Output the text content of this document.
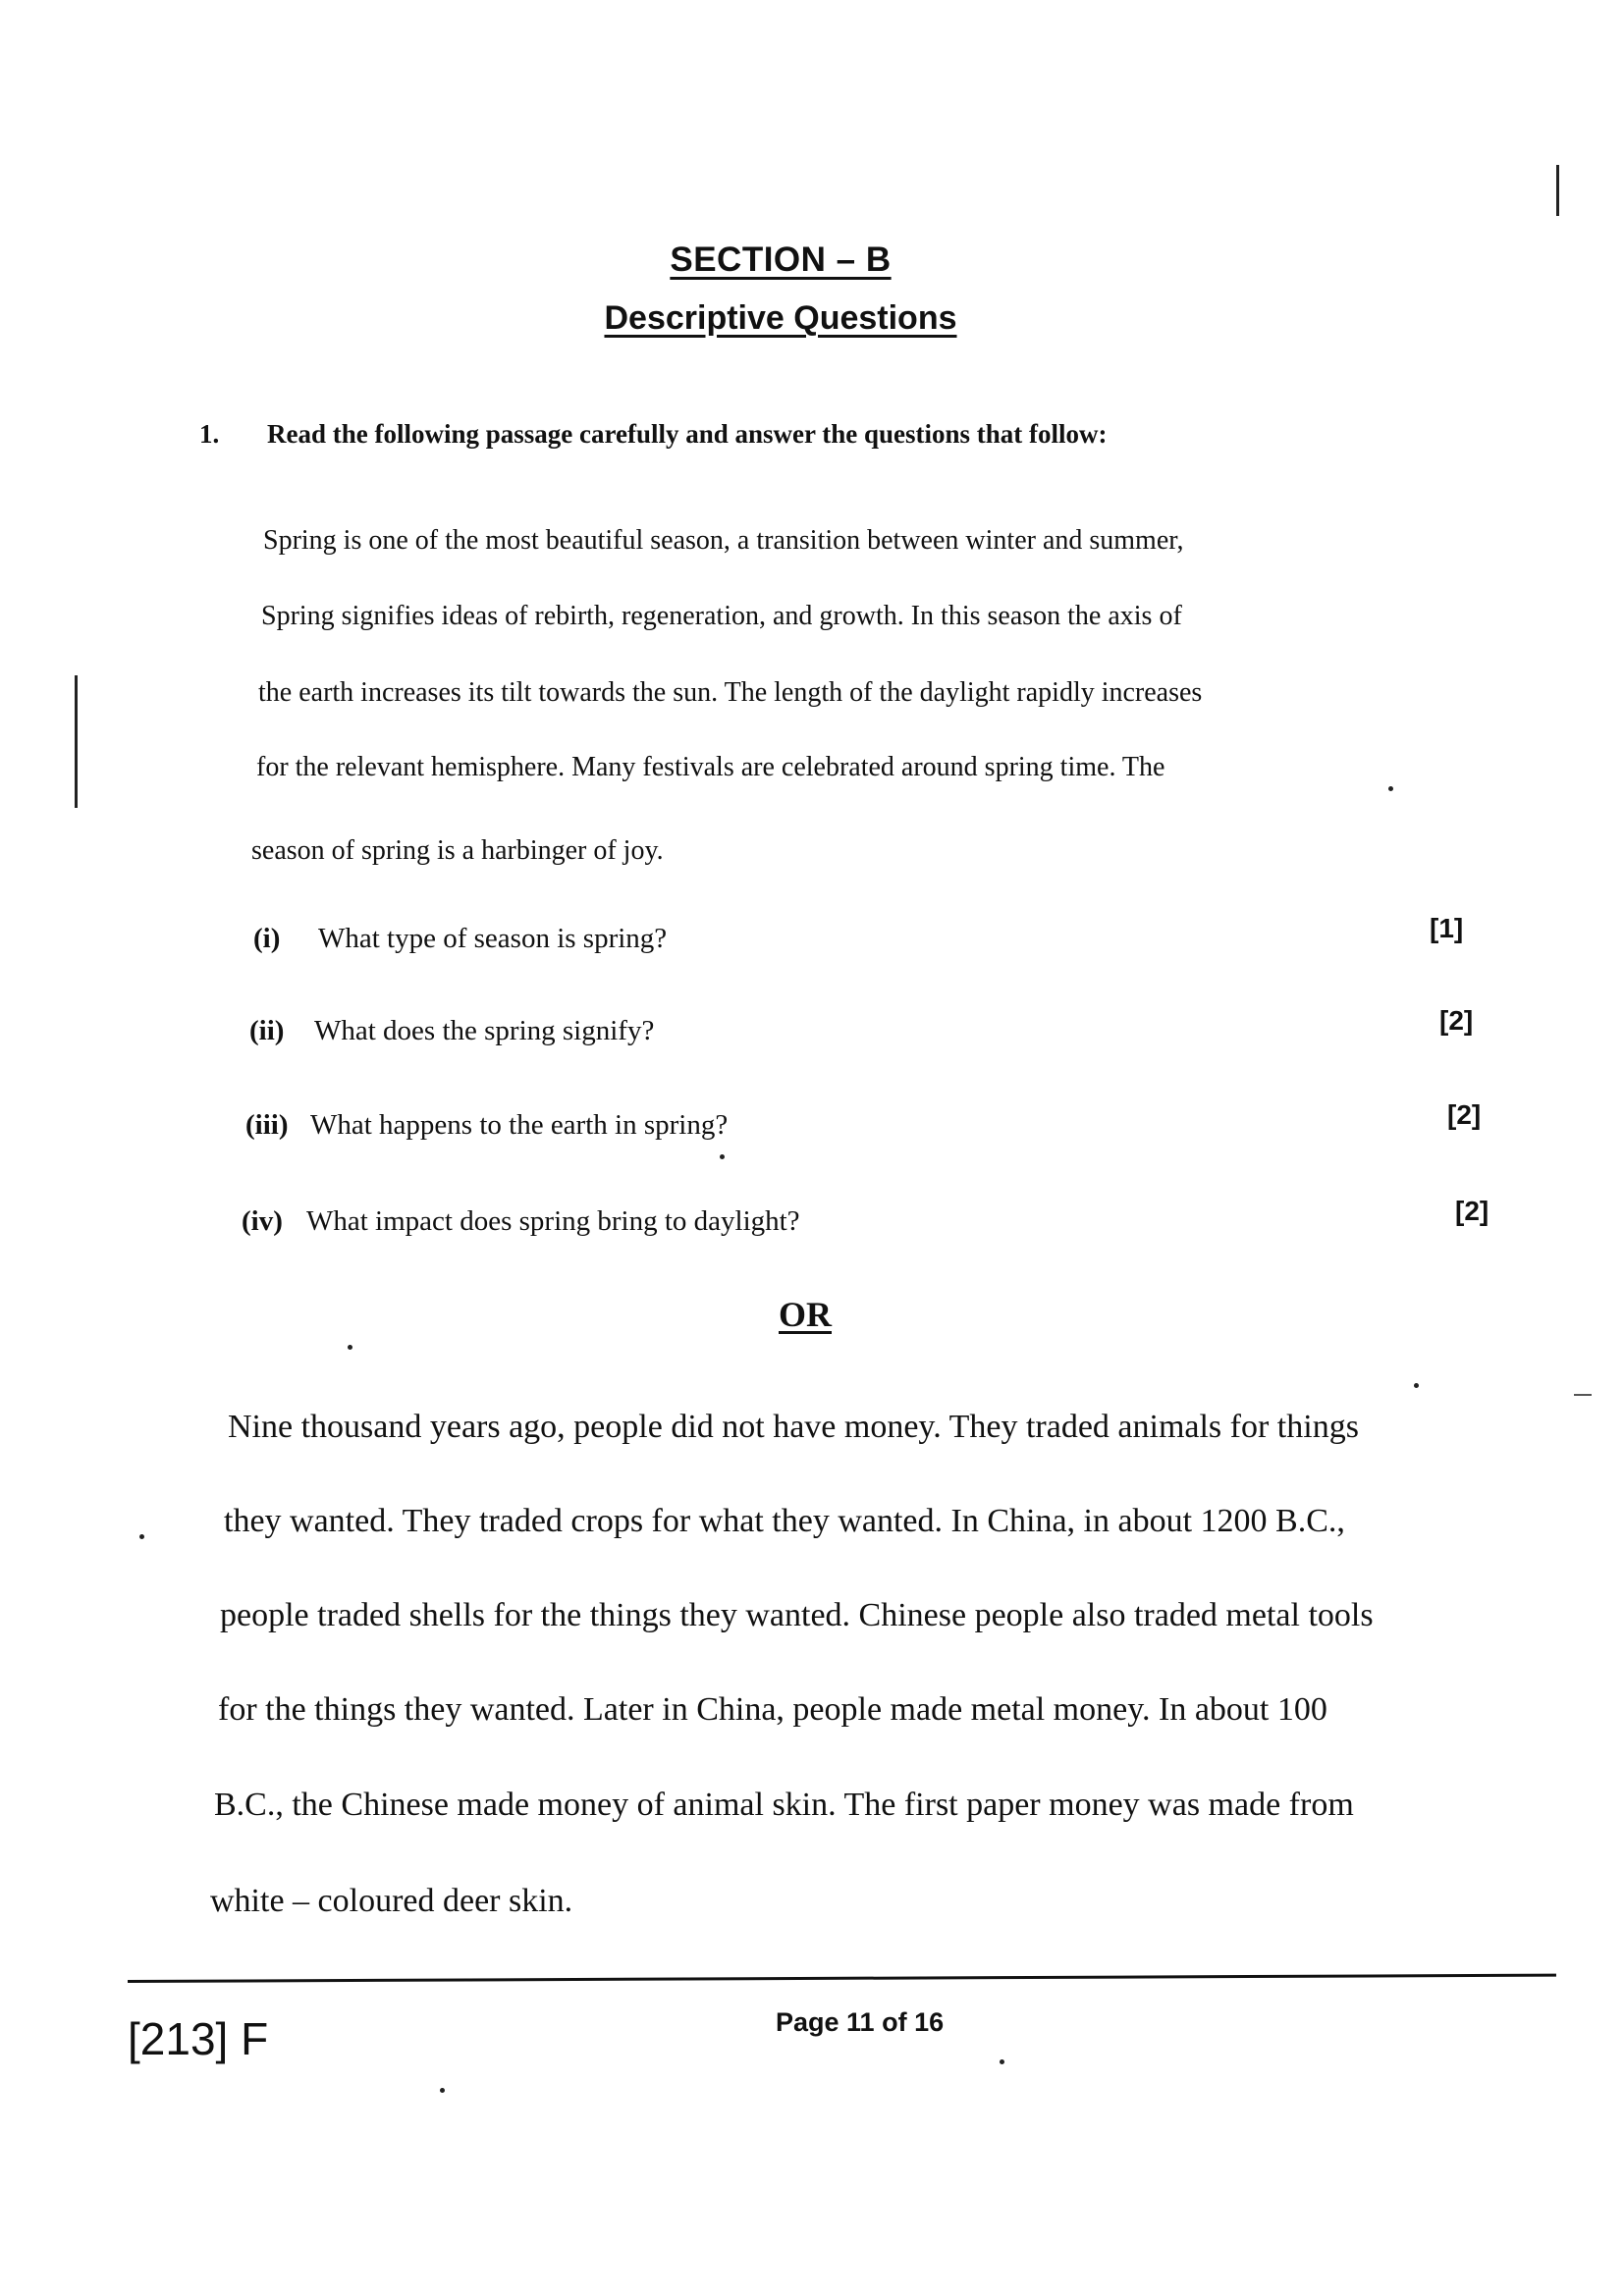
SECTION – B
Descriptive Questions
1. Read the following passage carefully and answer the questions that follow:
Spring is one of the most beautiful season, a transition between winter and summer,
Spring signifies ideas of rebirth, regeneration, and growth. In this season the axis of
the earth increases its tilt towards the sun. The length of the daylight rapidly increases
for the relevant hemisphere. Many festivals are celebrated around spring time. The
season of spring is a harbinger of joy.
(i) What type of season is spring?	[1]
(ii) What does the spring signify?	[2]
(iii) What happens to the earth in spring?	[2]
(iv) What impact does spring bring to daylight?	[2]
OR
Nine thousand years ago, people did not have money. They traded animals for things
they wanted. They traded crops for what they wanted. In China, in about 1200 B.C.,
people traded shells for the things they wanted. Chinese people also traded metal tools
for the things they wanted. Later in China, people made metal money. In about 100
B.C., the Chinese made money of animal skin. The first paper money was made from
white – coloured deer skin.
[213] F	Page 11 of 16
